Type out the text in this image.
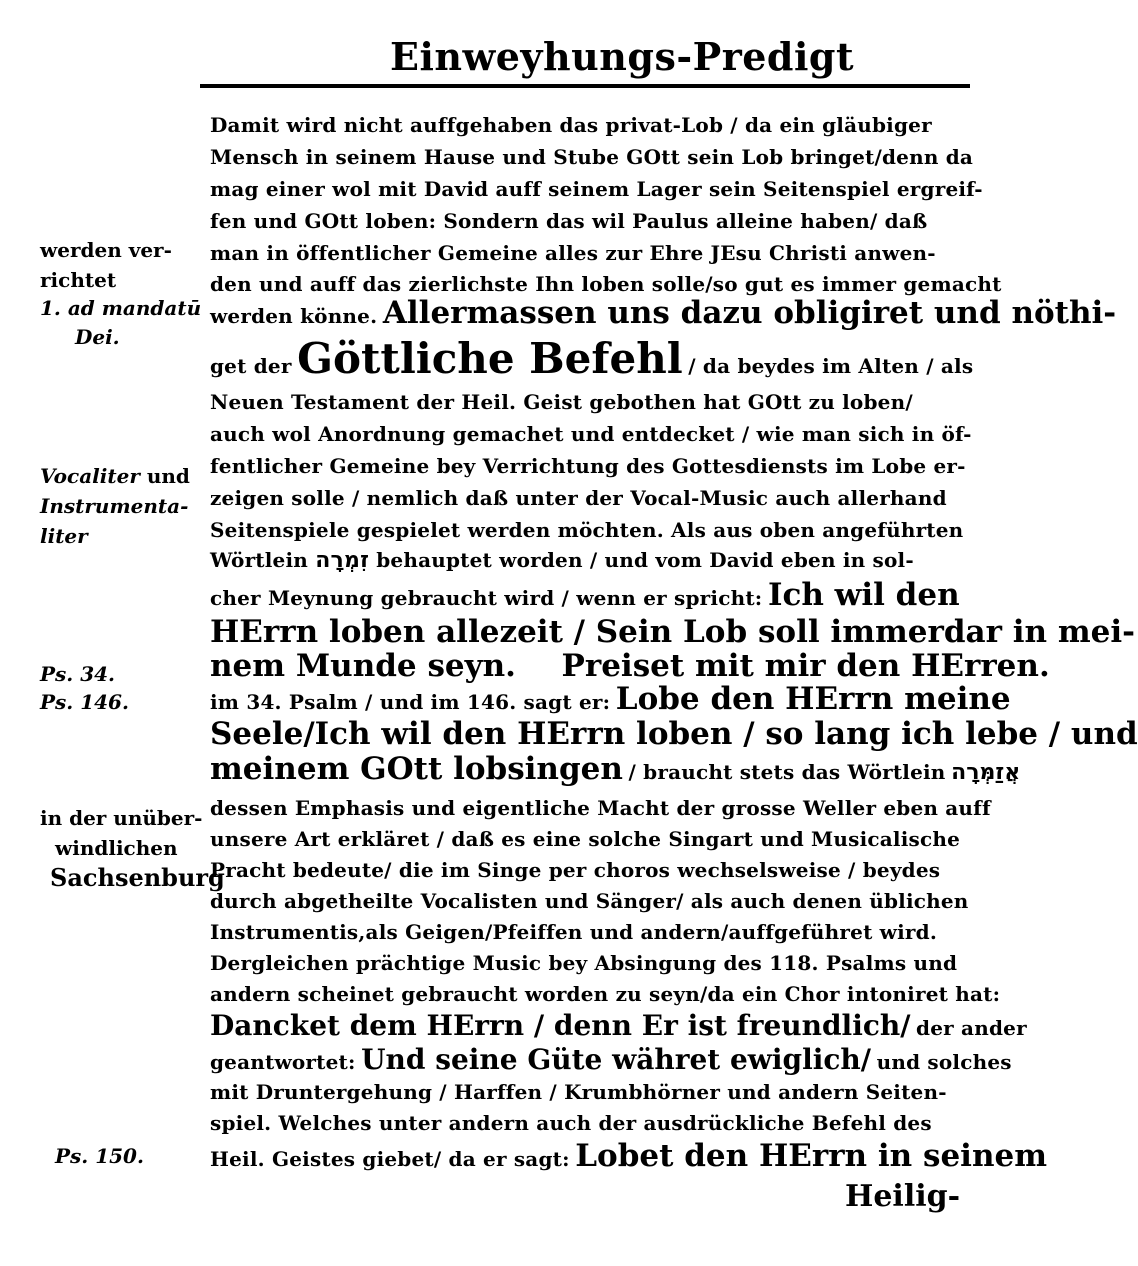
Einweyhungs-Predigt
Damit wird nicht auffgehaben das privat-Lob / da ein gläubiger
Mensch in seinem Hause und Stube GOtt sein Lob bringet/denn da
mag einer wol mit David auff seinem Lager sein Seitenspiel ergreif-
fen und GOtt loben: Sondern das wil Paulus alleine haben/ daß
man in öffentlicher Gemeine alles zur Ehre JEsu Christi anwen-
den und auff das zierlichste Ihn loben solle/so gut es immer gemacht
werden könne. Allermassen uns dazu obligiret und nöthi-
get der Göttliche Befehl / da beydes im Alten / als
Neuen Testament der Heil. Geist gebothen hat GOtt zu loben/
auch wol Anordnung gemachet und entdecket / wie man sich in öf-
fentlicher Gemeine bey Verrichtung des Gottesdiensts im Lobe er-
zeigen solle / nemlich daß unter der Vocal-Music auch allerhand
Seitenspiele gespielet werden möchten. Als aus oben angeführten
Wörtlein זִמְרָה behauptet worden / und vom David eben in sol-
cher Meynung gebraucht wird / wenn er spricht: Ich wil den
HErrn loben allezeit / Sein Lob soll immerdar in mei-
nem Munde seyn. Preiset mit mir den HErren.
im 34. Psalm / und im 146. sagt er: Lobe den HErrn meine
Seele/Ich wil den HErrn loben / so lang ich lebe / und
meinem GOtt lobsingen / braucht stets das Wörtlein אֲזַמְּרָה
dessen Emphasis und eigentliche Macht der grosse Weller eben auff
unsere Art erkläret / daß es eine solche Singart und Musicalische
Pracht bedeute/ die im Singe per choros wechselsweise / beydes
durch abgetheilte Vocalisten und Sänger/ als auch denen üblichen
Instrumentis,als Geigen/Pfeiffen und andern/auffgeführet wird.
Dergleichen prächtige Music bey Absingung des 118. Psalms und
andern scheinet gebraucht worden zu seyn/da ein Chor intoniret hat:
Dancket dem HErrn / denn Er ist freundlich/ der ander
geantwortet: Und seine Güte währet ewiglich/ und solches
mit Druntergehung / Harffen / Krumbhörner und andern Seiten-
spiel. Welches unter andern auch der ausdrückliche Befehl des
Heil. Geistes giebet/ da er sagt: Lobet den HErrn in seinem
Heilig-
werden ver-
richtet
1. ad mandatū
Dei.
Vocaliter und
Instrumenta-
liter
Ps. 34.
Ps. 146.
in der unüber-
windlichen
Sachsenburg
Ps. 150.
